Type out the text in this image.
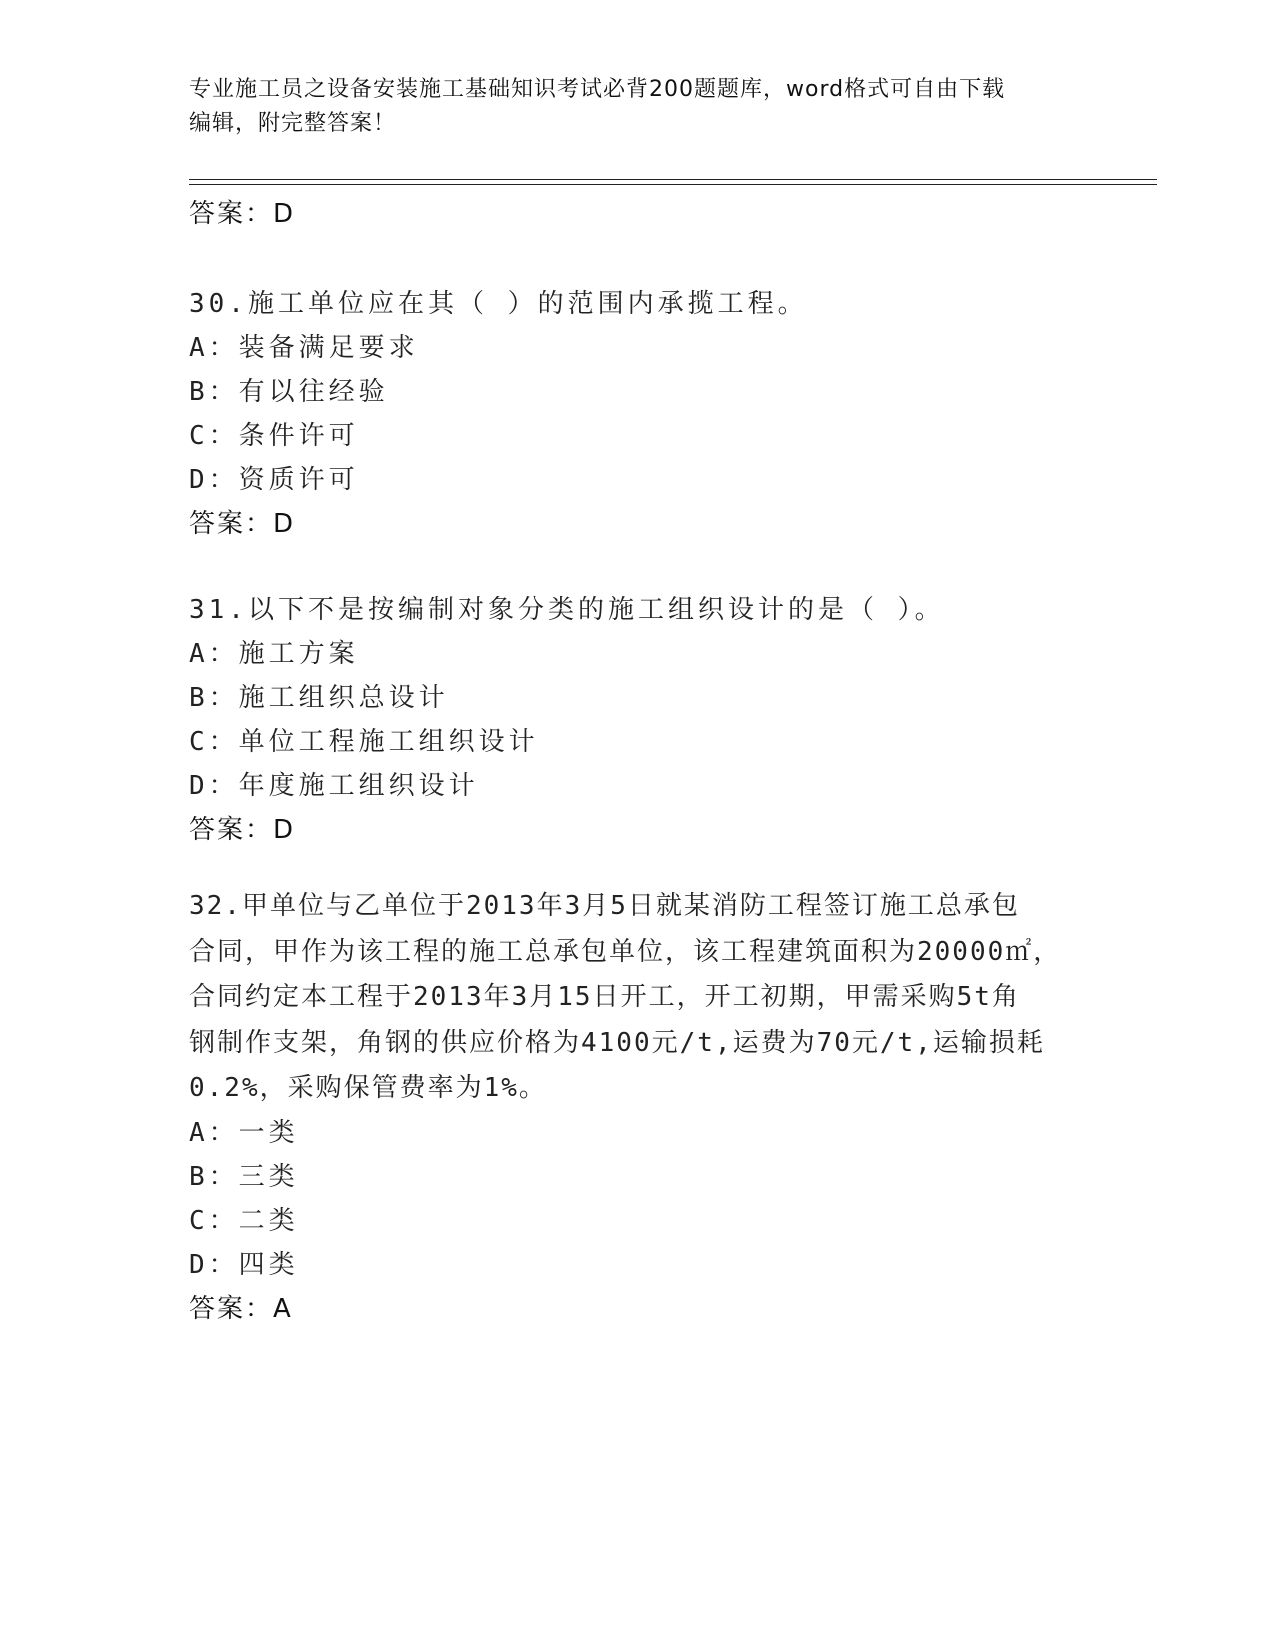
专业施工员之设备安装施工基础知识考试必背200题题库，word格式可自由下载
编辑，附完整答案！
答案：D
30.施工单位应在其（ ）的范围内承揽工程。
A：装备满足要求
B：有以往经验
C：条件许可
D：资质许可
答案：D
31.以下不是按编制对象分类的施工组织设计的是（ ）。
A：施工方案
B：施工组织总设计
C：单位工程施工组织设计
D：年度施工组织设计
答案：D
32.甲单位与乙单位于2013年3月5日就某消防工程签订施工总承包
合同，甲作为该工程的施工总承包单位，该工程建筑面积为20000㎡，
合同约定本工程于2013年3月15日开工，开工初期，甲需采购5t角
钢制作支架，角钢的供应价格为4100元/t,运费为70元/t,运输损耗
0.2%，采购保管费率为1%。
A：一类
B：三类
C：二类
D：四类
答案：A
